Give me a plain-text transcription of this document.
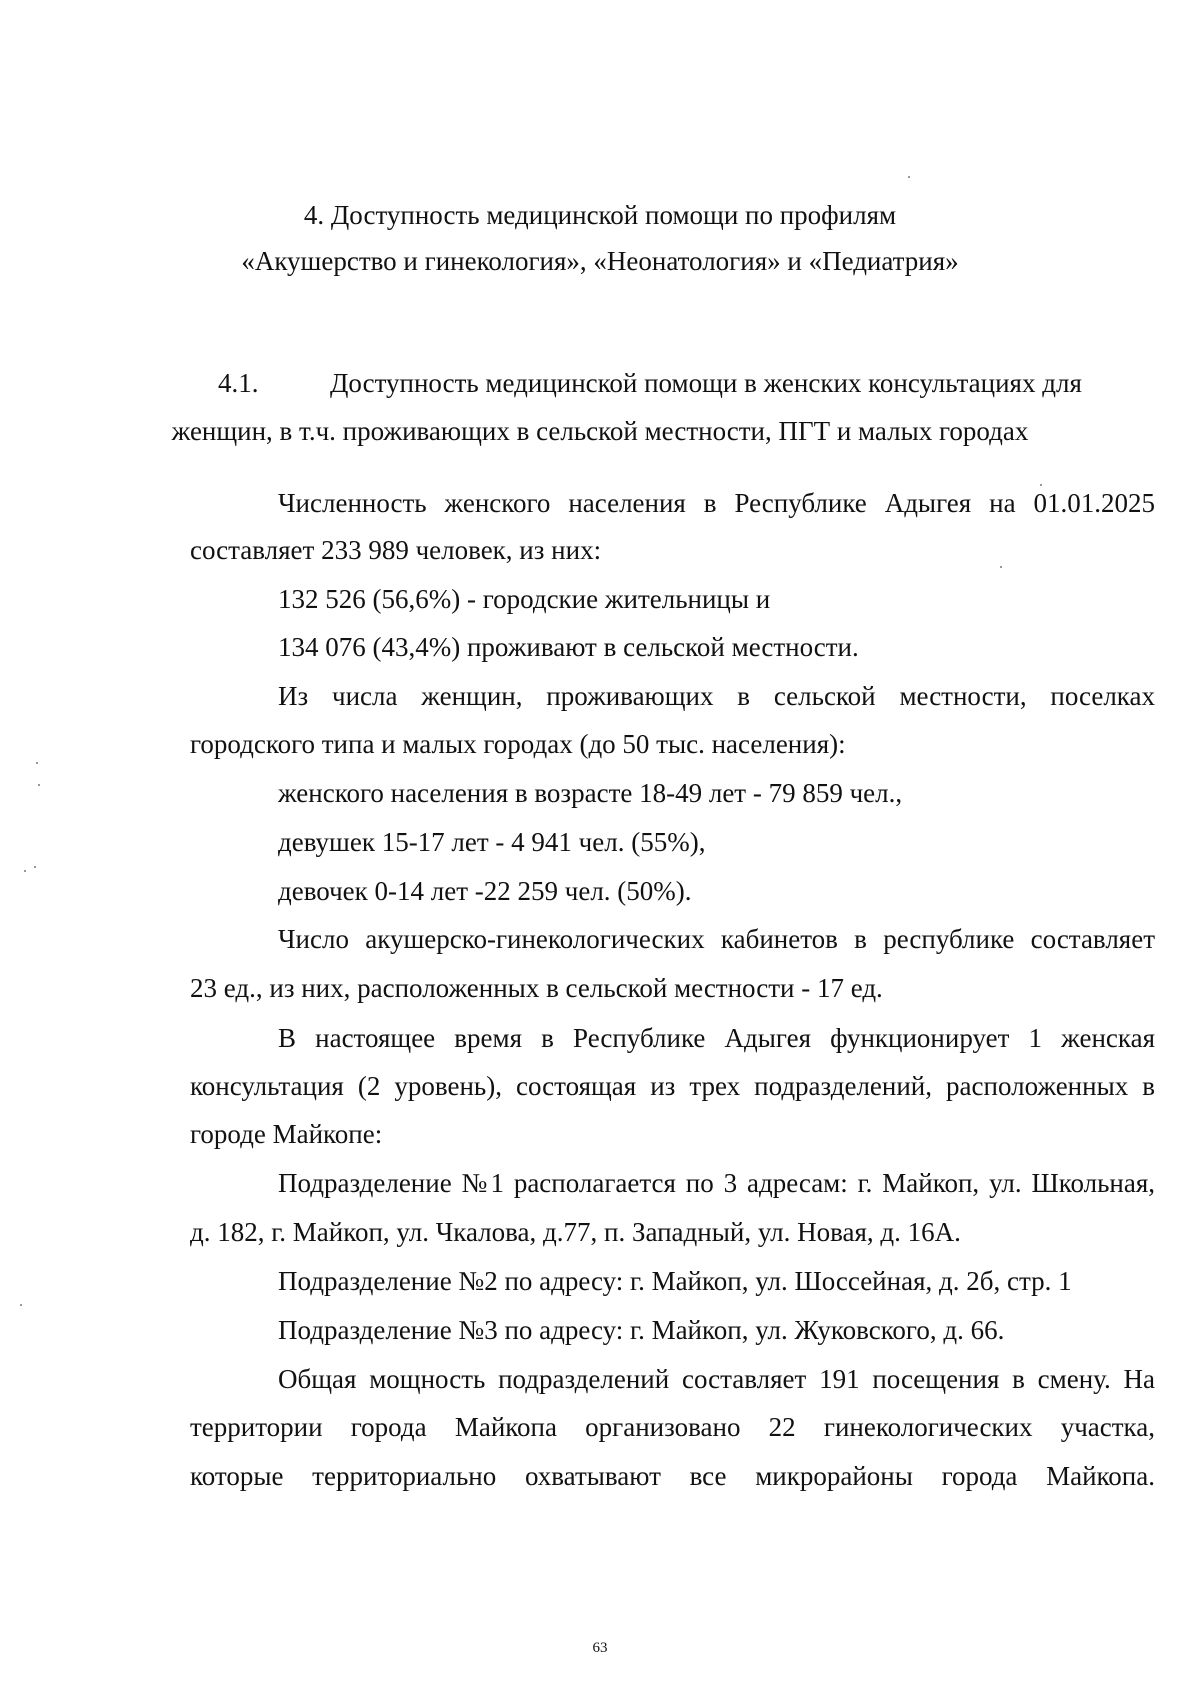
4. Доступность медицинской помощи по профилям
«Акушерство и гинекология», «Неонатология» и «Педиатрия»
4.1.	Доступность медицинской помощи в женских консультациях для
женщин, в т.ч. проживающих в сельской местности, ПГТ и малых городах
Численность женского населения в Республике Адыгея на 01.01.2025
составляет 233 989 человек, из них:
132 526 (56,6%) - городские жительницы и
134 076 (43,4%) проживают в сельской местности.
Из числа женщин, проживающих в сельской местности, поселках
городского типа и малых городах (до 50 тыс. населения):
женского населения в возрасте 18-49 лет - 79 859 чел.,
девушек 15-17 лет - 4 941 чел. (55%),
девочек 0-14 лет -22 259 чел. (50%).
Число акушерско-гинекологических кабинетов в республике составляет
23 ед., из них, расположенных в сельской местности - 17 ед.
В настоящее время в Республике Адыгея функционирует 1 женская
консультация (2 уровень), состоящая из трех подразделений, расположенных в
городе Майкопе:
Подразделение №1 располагается по 3 адресам: г. Майкоп, ул. Школьная,
д. 182, г. Майкоп, ул. Чкалова, д.77, п. Западный, ул. Новая, д. 16А.
Подразделение №2 по адресу: г. Майкоп, ул. Шоссейная, д. 2б, стр. 1
Подразделение №3 по адресу: г. Майкоп, ул. Жуковского, д. 66.
Общая мощность подразделений составляет 191 посещения в смену. На
территории города Майкопа организовано 22 гинекологических участка,
которые территориально охватывают все микрорайоны города Майкопа.
63
